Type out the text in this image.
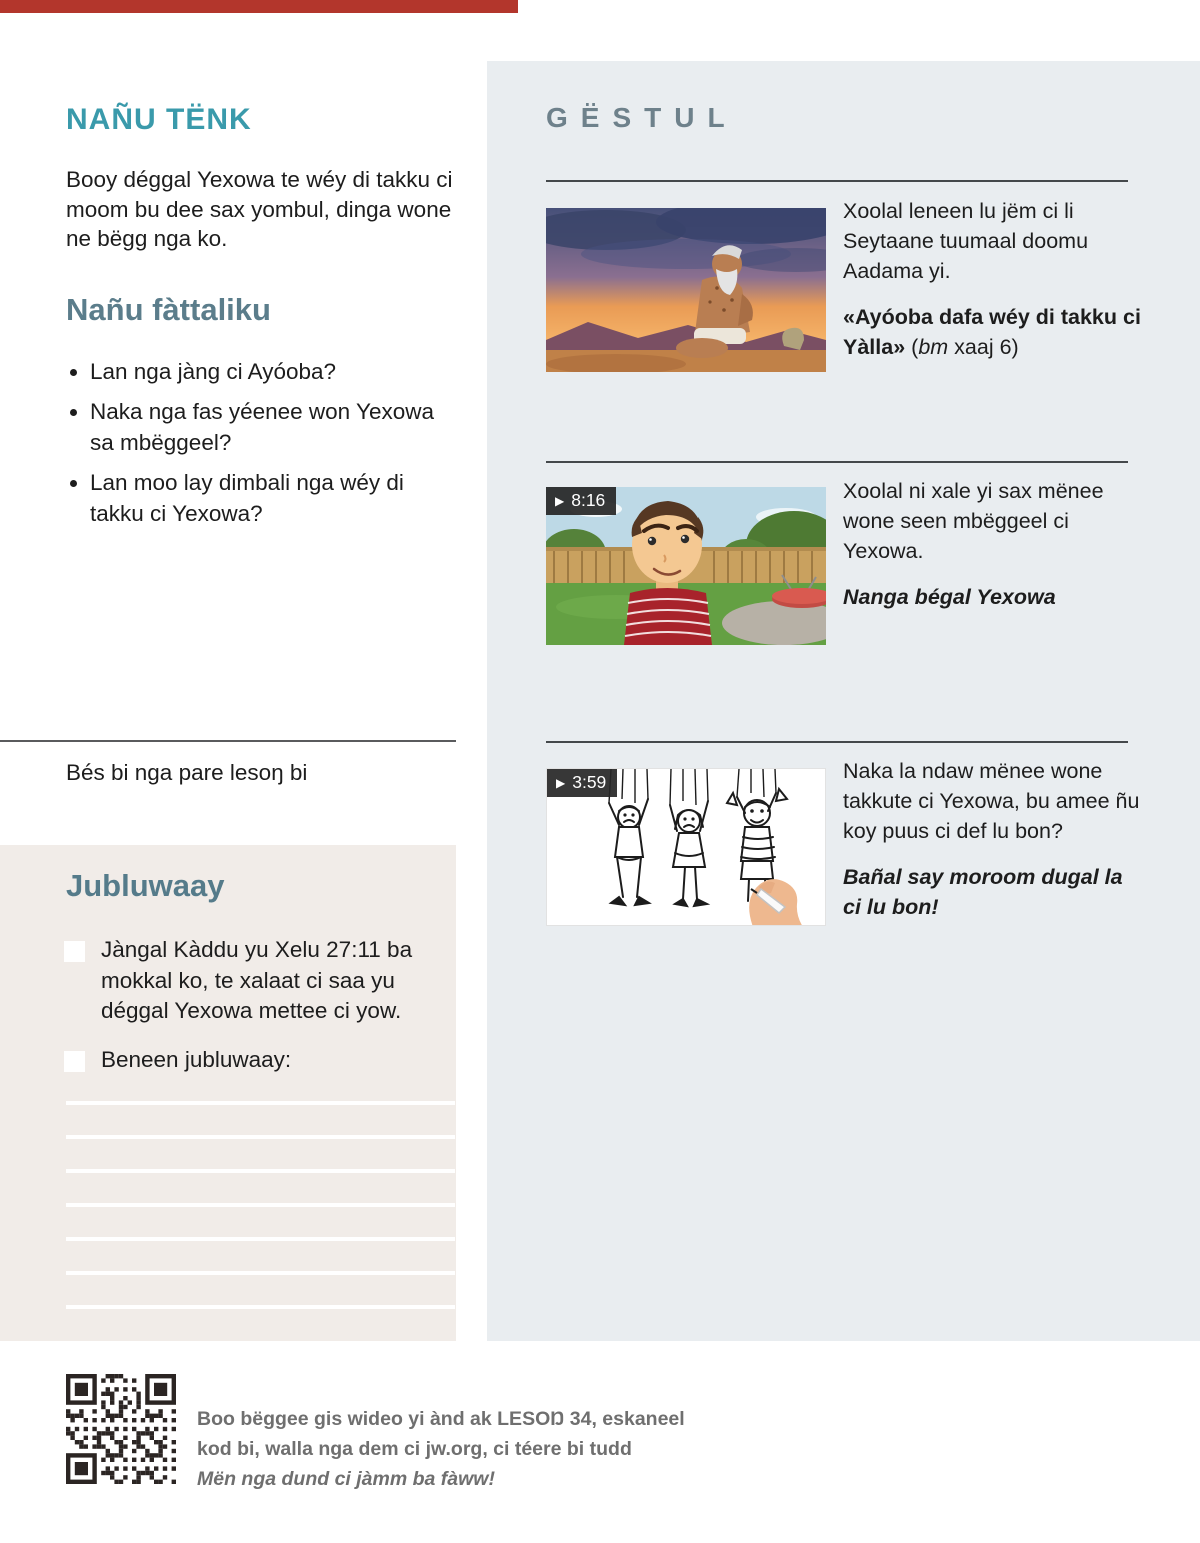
NAÑU TËNK

Booy déggal Yexowa te wéy di takku ci moom bu dee sax yombul, dinga wone ne bëgg nga ko.

Nañu fàttaliku
• Lan nga jàng ci Ayóoba?
• Naka nga fas yéenee won Yexowa sa mbëggeel?
• Lan moo lay dimbali nga wéy di takku ci Yexowa?
GËSTUL

Xoolal leneen lu jëm ci li Seytaane tuumaal doomu Aadama yi.

«Ayóoba dafa wéy di takku ci Yàlla» (bm xaaj 6)

▶ 8:16	Xoolal ni xale yi sax mënee wone seen mbëggeel ci Yexowa.

Nanga bégal Yexowa

▶ 3:59	Naka la ndaw mënee wone takkute ci Yexowa, bu amee ñu koy puus ci def lu bon?

Bañal say moroom dugal la ci lu bon!

Bés bi nga pare lesoŋ bi

Jubluwaay

Jàngal Kàddu yu Xelu 27:11 ba mokkal ko, te xalaat ci saa yu déggal Yexowa mettee ci yow.

Beneen jubluwaay:

Boo bëggee gis wideo yi ànd ak LESOŊ 34, eskaneel
kod bi, walla nga dem ci jw.org, ci téere bi tudd
Mën nga dund ci jàmm ba fàww!
